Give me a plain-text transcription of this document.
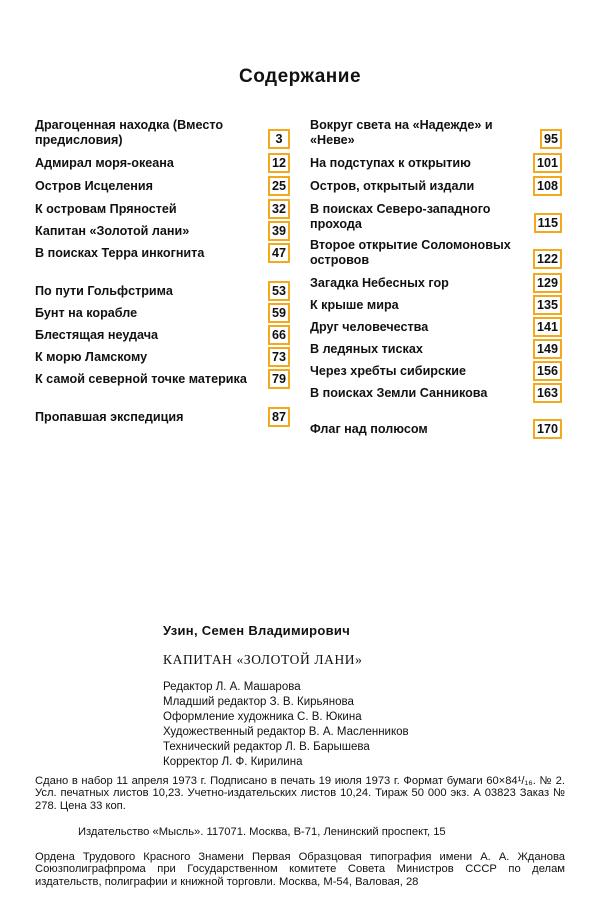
Содержание
Драгоценная находка (Вместо предисловия)	3
Адмирал моря-океана	12
Остров Исцеления	25
К островам Пряностей	32
Капитан «Золотой лани»	39
В поисках Терра инкогнита	47
По пути Гольфстрима	53
Бунт на корабле	59
Блестящая неудача	66
К морю Ламскому	73
К самой северной точке материка	79
Пропавшая экспедиция	87
Вокруг света на «Надежде» и «Неве»	95
На подступах к открытию	101
Остров, открытый издали	108
В поисках Северо-западного прохода	115
Второе открытие Соломоновых островов	122
Загадка Небесных гор	129
К крыше мира	135
Друг человечества	141
В ледяных тисках	149
Через хребты сибирские	156
В поисках Земли Санникова	163
Флаг над полюсом	170
Узин, Семен Владимирович
КАПИТАН «ЗОЛОТОЙ ЛАНИ»
Редактор Л. А. Машарова
Младший редактор З. В. Кирьянова
Оформление художника С. В. Юкина
Художественный редактор В. А. Масленников
Технический редактор Л. В. Барышева
Корректор Л. Ф. Кирилина
Сдано в набор 11 апреля 1973 г. Подписано в печать 19 июля 1973 г. Формат бумаги 60×84¹/₁₆. № 2. Усл. печатных листов 10,23. Учетно-издательских листов 10,24. Тираж 50 000 экз. А 03823 Заказ № 278. Цена 33 коп.
Издательство «Мысль». 117071. Москва, В-71, Ленинский проспект, 15
Ордена Трудового Красного Знамени Первая Образцовая типография имени А. А. Жданова Союзполиграфпрома при Государственном комитете Совета Министров СССР по делам издательств, полиграфии и книжной торговли. Москва, М-54, Валовая, 28
